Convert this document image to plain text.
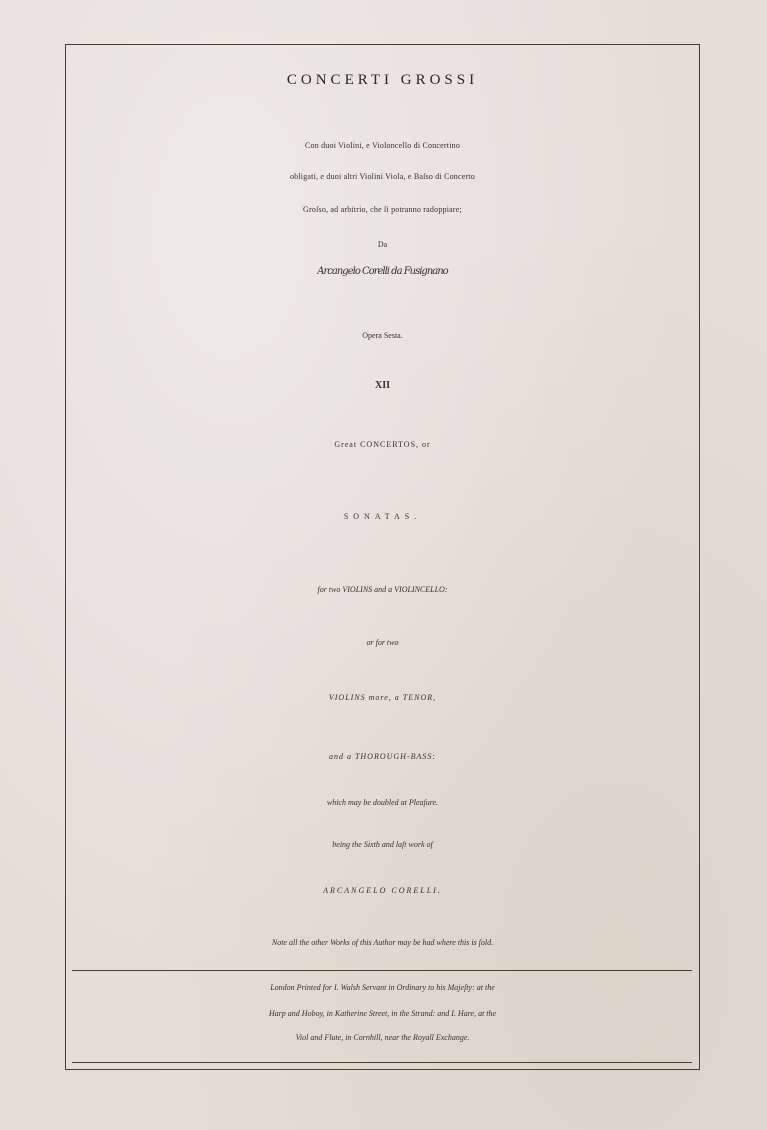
CONCERTI GROSSI
Con duoi Violini, e Violoncello di Concertino
obligati, e duoi altri Violini Viola, e Baſso di Concerto
Groſso, ad arbitrio, che ſi potranno radoppiare;
Da
Arcangelo Corelli da Fusignano
Opera Sesta.
XII
Great CONCERTOS, or
SONATAS.
for two VIOLINS and a VIOLINCELLO:
or for two
VIOLINS more, a TENOR,
and a THOROUGH-BASS:
which may be doubled at Pleaſure.
being the Sixth and laſt work of
ARCANGELO CORELLI.
Note all the other Works of this Author may be had where this is ſold.
London Printed for I. Walsh Servant in Ordinary to his Majeſty: at the
Harp and Hoboy, in Katherine Street, in the Strand: and I. Hare, at the
Viol and Flute, in Cornhill, near the Royall Exchange.
